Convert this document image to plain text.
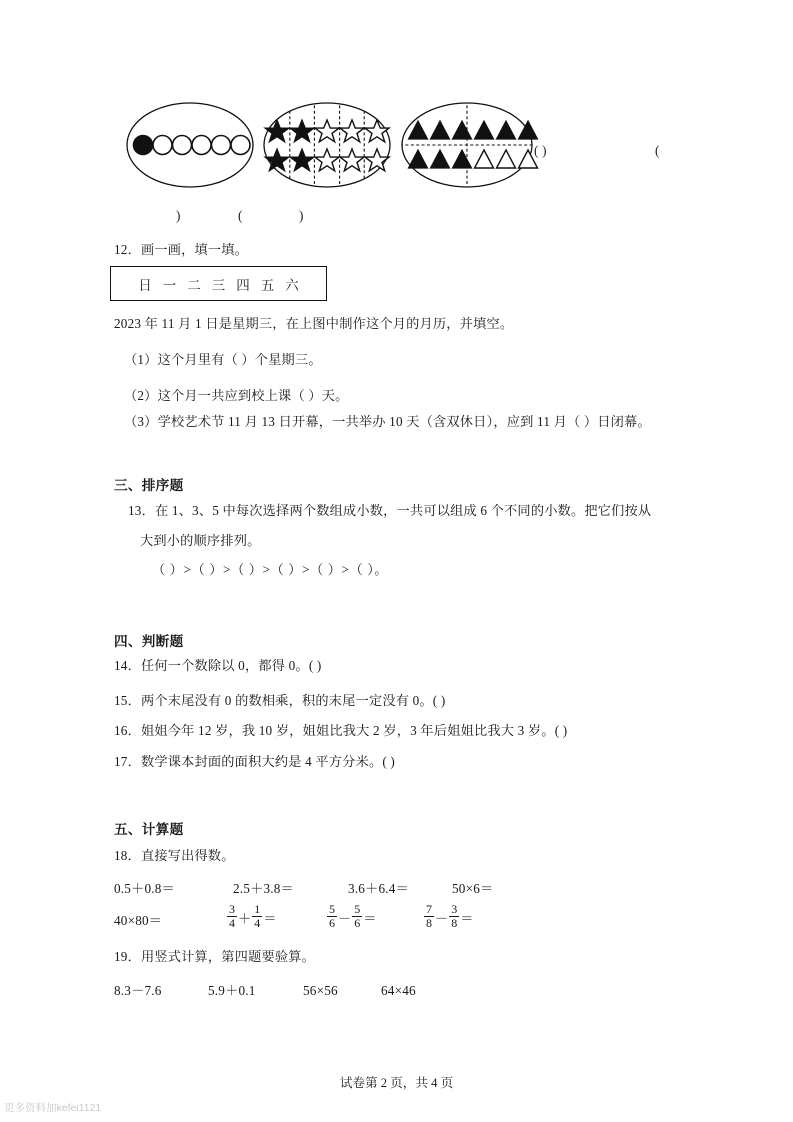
( )	(
)	(	)
12．画一画，填一填。
日 一 二 三 四 五 六
2023 年 11 月 1 日是星期三，在上图中制作这个月的月历，并填空。
（1）这个月里有（ ）个星期三。
（2）这个月一共应到校上课（ ）天。
（3）学校艺术节 11 月 13 日开幕，一共举办 10 天（含双休日），应到 11 月（ ）日闭幕。
三、排序题
13．在 1、3、5 中每次选择两个数组成小数，一共可以组成 6 个不同的小数。把它们按从
大到小的顺序排列。
（ ）>（ ）>（ ）>（ ）>（ ）>（ ）。
四、判断题
14．任何一个数除以 0，都得 0。( )
15．两个末尾没有 0 的数相乘，积的末尾一定没有 0。( )
16．姐姐今年 12 岁，我 10 岁，姐姐比我大 2 岁，3 年后姐姐比我大 3 岁。( )
17．数学课本封面的面积大约是 4 平方分米。( )
五、计算题
18．直接写出得数。
0.5＋0.8＝	2.5＋3.8＝	3.6＋6.4＝	50×6＝
40×80＝	$\frac{3}{4} + \frac{1}{4}$ ＝	$\frac{5}{6} - \frac{5}{6}$ ＝	$\frac{7}{8} - \frac{3}{8}$ ＝
19．用竖式计算，第四题要验算。
8.3－7.6	5.9＋0.1	56×56	64×46
试卷第 2 页，共 4 页
更多资料加kefei1121
